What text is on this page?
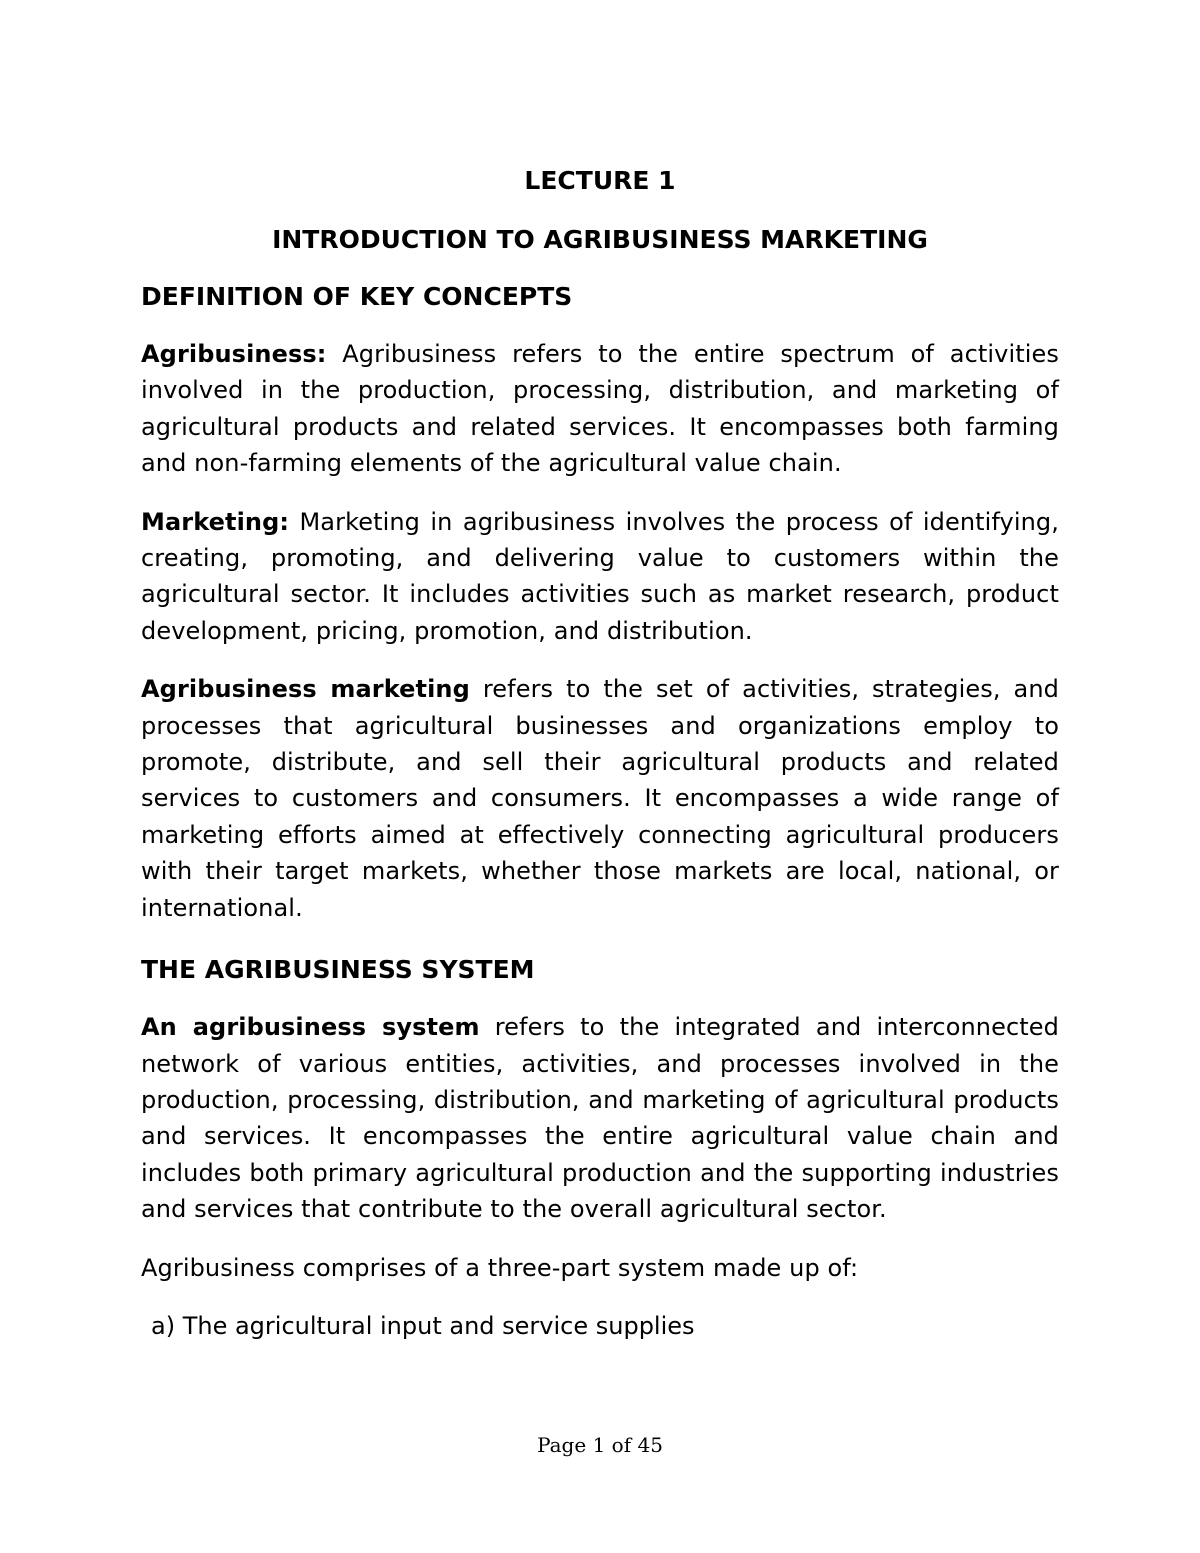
LECTURE 1

INTRODUCTION TO AGRIBUSINESS MARKETING

DEFINITION OF KEY CONCEPTS

Agribusiness: Agribusiness refers to the entire spectrum of activities involved in the production, processing, distribution, and marketing of agricultural products and related services. It encompasses both farming and non-farming elements of the agricultural value chain.

Marketing: Marketing in agribusiness involves the process of identifying, creating, promoting, and delivering value to customers within the agricultural sector. It includes activities such as market research, product development, pricing, promotion, and distribution.

Agribusiness marketing refers to the set of activities, strategies, and processes that agricultural businesses and organizations employ to promote, distribute, and sell their agricultural products and related services to customers and consumers. It encompasses a wide range of marketing efforts aimed at effectively connecting agricultural producers with their target markets, whether those markets are local, national, or international.

THE AGRIBUSINESS SYSTEM

An agribusiness system refers to the integrated and interconnected network of various entities, activities, and processes involved in the production, processing, distribution, and marketing of agricultural products and services. It encompasses the entire agricultural value chain and includes both primary agricultural production and the supporting industries and services that contribute to the overall agricultural sector.

Agribusiness comprises of a three-part system made up of:

a) The agricultural input and service supplies

Page 1 of 45
